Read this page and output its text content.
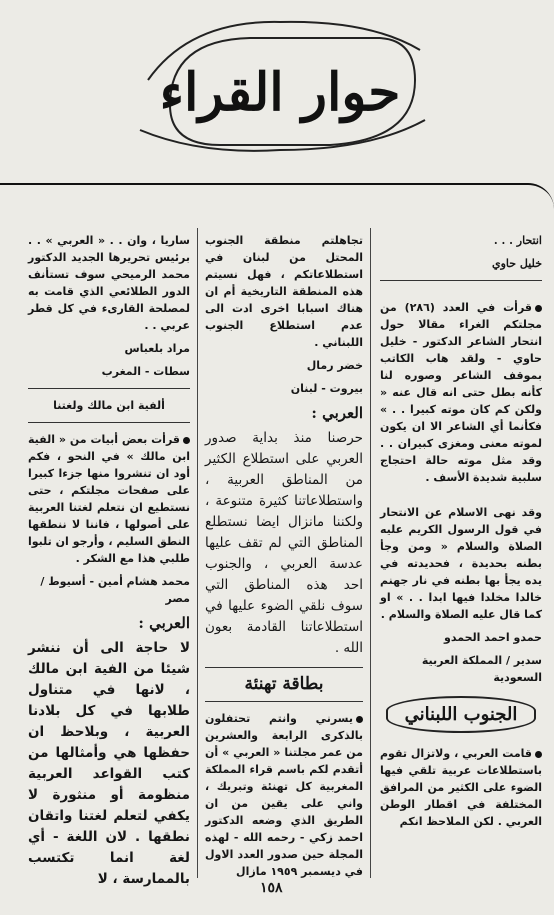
حوار القراء

انتحار . . .

خليل حاوي

قرأت في العدد (٢٨٦) من مجلتكم الغراء مقالا حول انتحار الشاعر الدكتور - خليل حاوي - ولقد هاب الكاتب بموقف الشاعر وصوره لنا كأنه بطل حتى انه قال عنه « ولكن كم كان موته كبيرا . . » فكأنما أي الشاعر الا ان يكون لموته معنى ومغزى كبيران . . وقد مثل موته حالة احتجاج سلبية شديدة الأسف .

وقد نهى الاسلام عن الانتحار في قول الرسول الكريم عليه الصلاة والسلام « ومن وجأ بطنه بحديدة ، فحديدته في يده يجأ بها بطنه في نار جهنم خالدا مخلدا فيها ابدا . . » او كما قال عليه الصلاة والسلام .

حمدو احمد الحمدو

سدير / المملكة العربية السعودية

الجنوب اللبناني

قامت العربي ، ولاتزال تقوم باستطلاعات عربية تلقي فيها الضوء على الكثير من المرافق المختلفة في اقطار الوطن العربي . لكن الملاحظ انكم

تجاهلتم منطقة الجنوب المحتل من لبنان في استطلاعاتكم ، فهل نسيتم هذه المنطقة التاريخية أم ان هناك اسبابا اخرى ادت الى عدم استطلاع الجنوب اللبناني .

خضر رمال

بيروت - لبنان

العربي :

حرصنا منذ بداية صدور العربي على استطلاع الكثير من المناطق العربية ، واستطلاعاتنا كثيرة متنوعة ، ولكننا مانزال ايضا نستطلع المناطق التي لم تقف عليها عدسة العربي ، والجنوب احد هذه المناطق التي سوف نلقي الضوء عليها في استطلاعاتنا القادمة بعون الله .

بطاقة تهنئة

يسرني وانتم تحتفلون بالذكرى الرابعة والعشرين من عمر مجلتنا « العربي » أن أتقدم لكم باسم قراء المملكة المغربية كل تهنئة وتبريك ، واني على يقين من ان الطريق الذي وضعه الدكتور احمد زكي - رحمه الله - لهذه المجلة حين صدور العدد الاول في ديسمبر ١٩٥٩ مازال

ساريا ، وان . . « العربي » . . برئيس تحريرها الجديد الدكتور محمد الرميحي سوف تستأنف الدور الطلائعي الذي قامت به لمصلحة القارىء في كل قطر عربي . .

مراد بلعباس

سطات - المغرب

ألفية ابن مالك ولغتنا

قرأت بعض أبيات من « الفية ابن مالك » في النحو ، فكم أود ان تنشروا منها جزءا كبيرا على صفحات مجلتكم ، حتى نستطيع ان نتعلم لغتنا العربية على أصولها ، فاننا لا ننطقها النطق السليم ، وأرجو ان تلبوا طلبي هذا مع الشكر .

محمد هشام أمين - أسيوط / مصر

العربي :

لا حاجة الى أن ننشر شيئا من الفية ابن مالك ، لانها في متناول طلابها في كل بلادنا العربية ، وبلاحظ ان حفظها هي وأمثالها من كتب القواعد العربية منظومة أو منثورة لا يكفي لتعلم لغتنا واتقان نطقها . لان اللغة - أي لغة انما تكتسب بالممارسة ، لا

١٥٨
